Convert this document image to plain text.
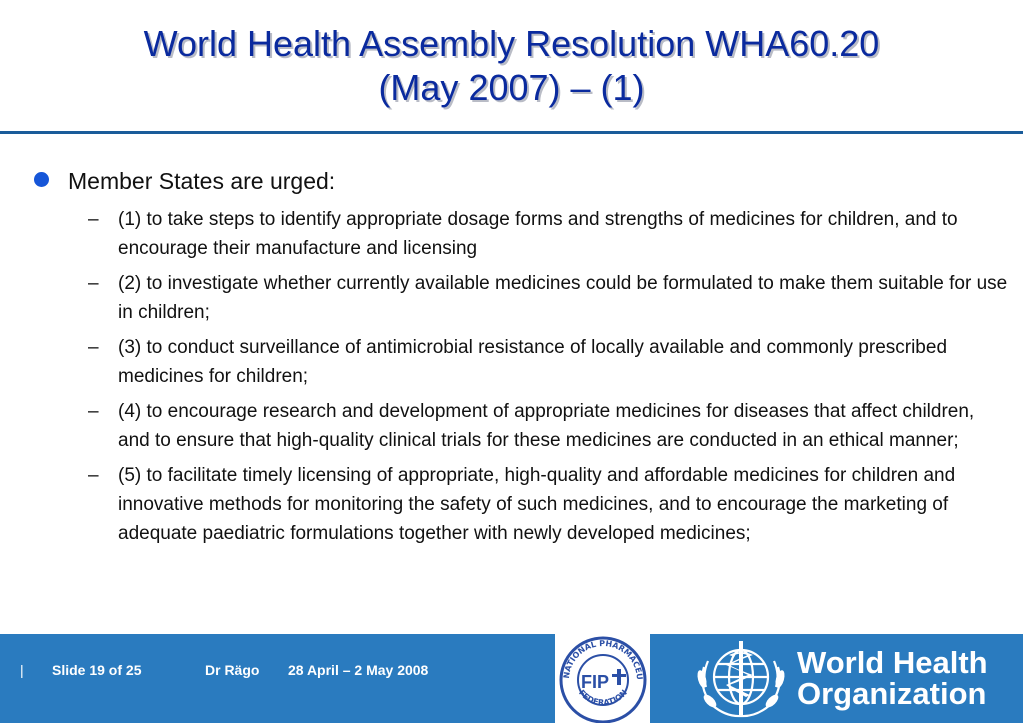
World Health Assembly Resolution WHA60.20
(May 2007) – (1)
Member States are urged:
– (1) to take steps to identify appropriate dosage forms and strengths of medicines for children, and to encourage their manufacture and licensing
– (2) to investigate whether currently available medicines could be formulated to make them suitable for use in children;
– (3) to conduct surveillance of antimicrobial resistance of locally available and commonly prescribed medicines for children;
– (4) to encourage research and development of appropriate medicines for diseases that affect children, and to ensure that high-quality clinical trials for these medicines are conducted in an ethical manner;
– (5) to facilitate timely licensing of appropriate, high-quality and affordable medicines for children and innovative methods for monitoring the safety of such medicines, and to encourage the marketing of adequate paediatric formulations together with newly developed medicines;
| Slide 19 of 25	Dr Rägo 28 April – 2 May 2008	NATIONAL PHARMACEU
FEDERATION
FIP
World Health
Organization
